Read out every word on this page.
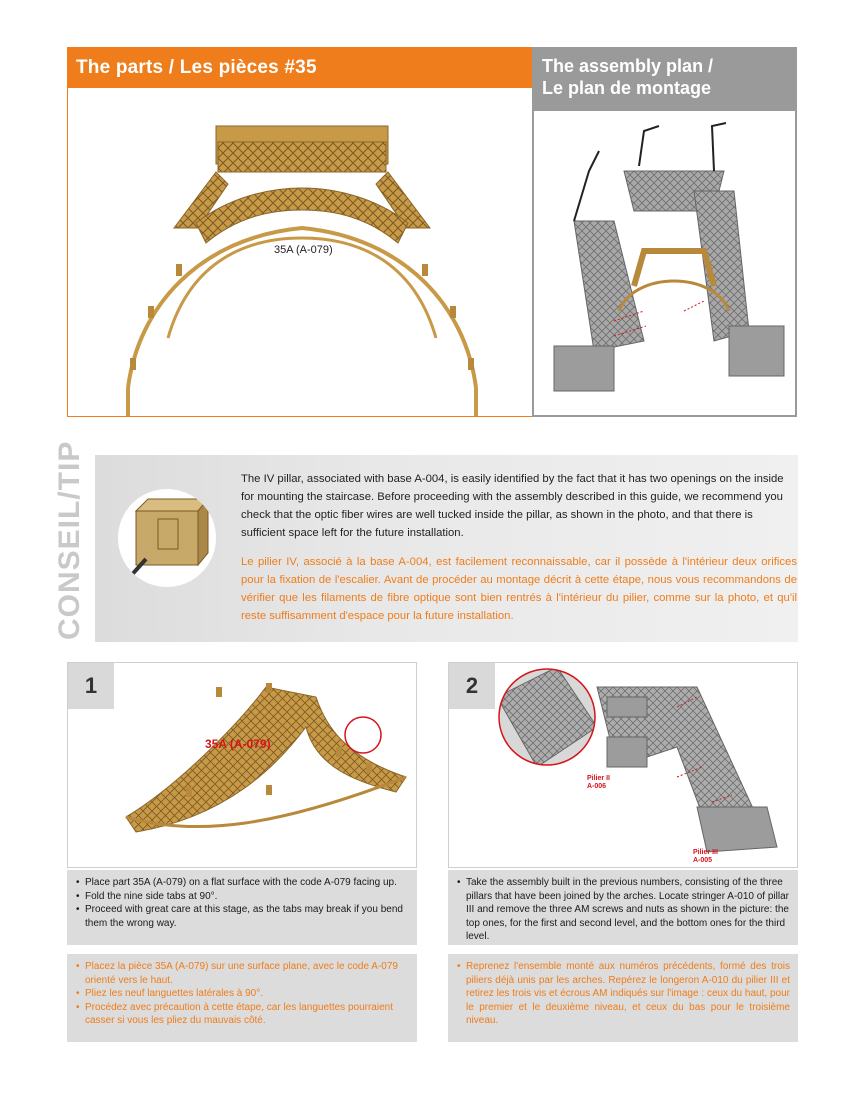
The parts / Les pièces #35
35A (A-079)
The assembly plan /
Le plan de montage
CONSEIL/TIP	The IV pillar, associated with base A-004, is easily identified by the fact that it has two openings on the inside for mounting the staircase. Before proceeding with the assembly described in this guide, we recommend you check that the optic fiber wires are well tucked inside the pillar, as shown in the photo, and that there is sufficient space left for the future installation.
Le pilier IV, associé à la base A-004, est facilement reconnaissable, car il possède à l'intérieur deux orifices pour la fixation de l'escalier. Avant de procéder au montage décrit à cette étape, nous vous recommandons de vérifier que les filaments de fibre optique sont bien rentrés à l'intérieur du pilier, comme sur la photo, et qu'il reste suffisamment d'espace pour la future installation.
1
35A (A-079)
• Place part 35A (A-079) on a flat surface with the code A-079 facing up.
• Fold the nine side tabs at 90°.
• Proceed with great care at this stage, as the tabs may break if you bend them the wrong way.
• Placez la pièce 35A (A-079) sur une surface plane, avec le code A-079 orienté vers le haut.
• Pliez les neuf languettes latérales à 90°.
• Procédez avec précaution à cette étape, car les languettes pourraient casser si vous les pliez du mauvais côté.
2
Pilier II
A-006
Pilier III
A-005
• Take the assembly built in the previous numbers, consisting of the three pillars that have been joined by the arches. Locate stringer A-010 of pillar III and remove the three AM screws and nuts as shown in the picture: the top ones, for the first and second level, and the bottom ones for the third level.
• Reprenez l'ensemble monté aux numéros précédents, formé des trois piliers déjà unis par les arches. Repérez le longeron A-010 du pilier III et retirez les trois vis et écrous AM indiqués sur l'image : ceux du haut, pour le premier et le deuxième niveau, et ceux du bas pour le troisième niveau.
